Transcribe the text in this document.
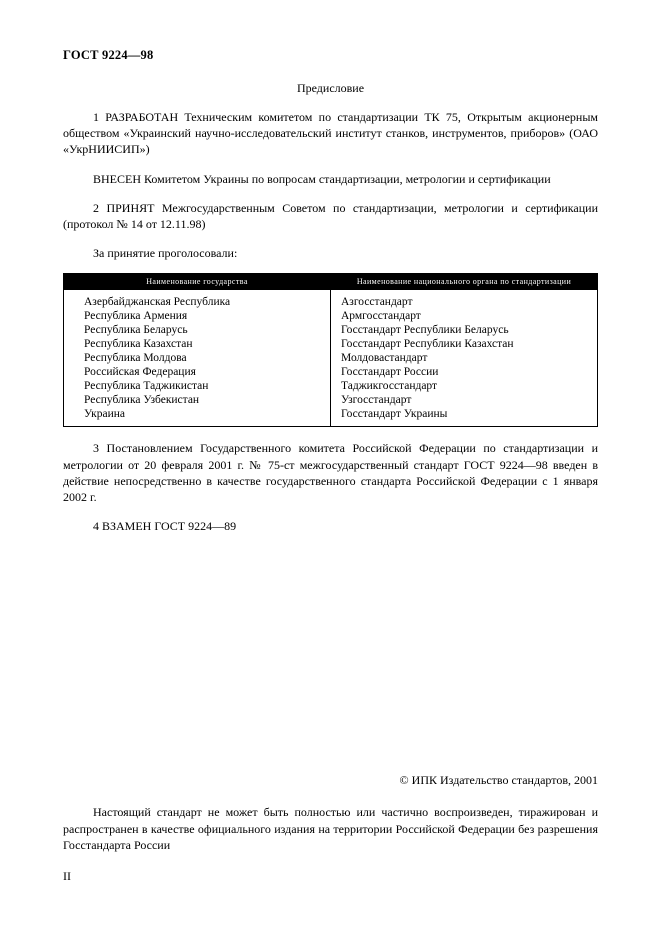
ГОСТ 9224—98
Предисловие

1 РАЗРАБОТАН Техническим комитетом по стандартизации ТК 75, Открытым акционерным обществом «Украинский научно-исследовательский институт станков, инструментов, приборов» (ОАО «УкрНИИСИП»)

ВНЕСЕН Комитетом Украины по вопросам стандартизации, метрологии и сертификации

2 ПРИНЯТ Межгосударственным Советом по стандартизации, метрологии и сертификации (протокол № 14 от 12.11.98)

За принятие проголосовали:

Наименование государства	Наименование национального органа по стандартизации
Азербайджанская Республика	Азгосстандарт
Республика Армения	Армгосстандарт
Республика Беларусь	Госстандарт Республики Беларусь
Республика Казахстан	Госстандарт Республики Казахстан
Республика Молдова	Молдовастандарт
Российская Федерация	Госстандарт России
Республика Таджикистан	Таджикгосстандарт
Республика Узбекистан	Узгосстандарт
Украина	Госстандарт Украины

3 Постановлением Государственного комитета Российской Федерации по стандартизации и метрологии от 20 февраля 2001 г. № 75-ст межгосударственный стандарт ГОСТ 9224—98 введен в действие непосредственно в качестве государственного стандарта Российской Федерации с 1 января 2002 г.

4 ВЗАМЕН ГОСТ 9224—89

© ИПК Издательство стандартов, 2001

Настоящий стандарт не может быть полностью или частично воспроизведен, тиражирован и распространен в качестве официального издания на территории Российской Федерации без разрешения Госстандарта России

II
